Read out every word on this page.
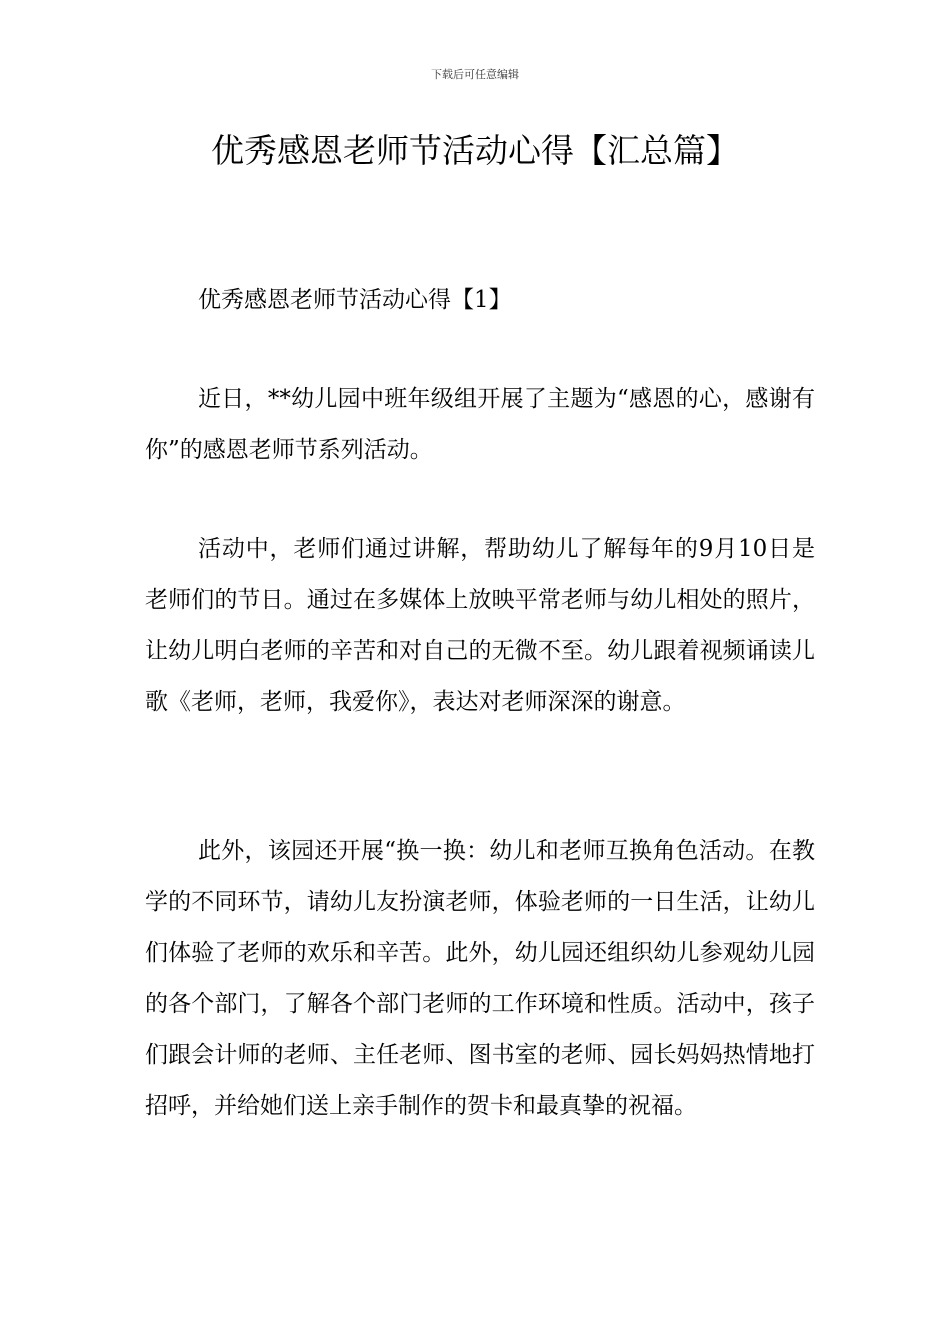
下载后可任意编辑
优秀感恩老师节活动心得【汇总篇】

优秀感恩老师节活动心得【1】

近日，**幼儿园中班年级组开展了主题为“感恩的心，感谢有你”的感恩老师节系列活动。

活动中，老师们通过讲解，帮助幼儿了解每年的9月10日是老师们的节日。通过在多媒体上放映平常老师与幼儿相处的照片，让幼儿明白老师的辛苦和对自己的无微不至。幼儿跟着视频诵读儿歌《老师，老师，我爱你》，表达对老师深深的谢意。

此外，该园还开展“换一换：幼儿和老师互换角色活动。在教学的不同环节，请幼儿友扮演老师，体验老师的一日生活，让幼儿们体验了老师的欢乐和辛苦。此外，幼儿园还组织幼儿参观幼儿园的各个部门，了解各个部门老师的工作环境和性质。活动中，孩子们跟会计师的老师、主任老师、图书室的老师、园长妈妈热情地打招呼，并给她们送上亲手制作的贺卡和最真挚的祝福。
